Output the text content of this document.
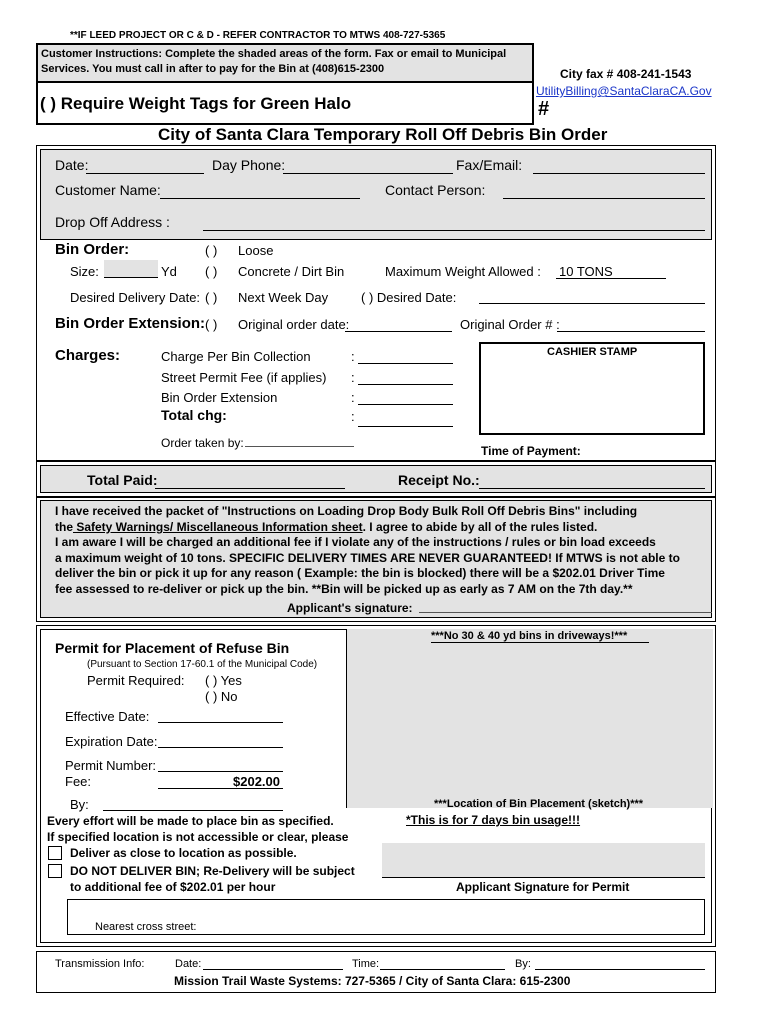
**IF LEED PROJECT OR C & D - REFER CONTRACTOR TO MTWS 408-727-5365
Customer Instructions: Complete the shaded areas of the form. Fax or email to Municipal Services. You must call in after to pay for the Bin at (408)615-2300	City fax # 408-241-1543
UtilityBilling@SantaClaraCA.Gov
( ) Require Weight Tags for Green Halo	#
City of Santa Clara Temporary Roll Off Debris Bin Order
Date:	Day Phone:	Fax/Email:
Customer Name:	Contact Person:
Drop Off Address :
Bin Order:	( ) Loose
Size:	Yd ( ) Concrete / Dirt Bin	Maximum Weight Allowed : 10 TONS
Desired Delivery Date: ( ) Next Week Day	( ) Desired Date:
Bin Order Extension: ( ) Original order date:	Original Order # :
Charges:	Charge Per Bin Collection	:
Street Permit Fee (if applies) :
Bin Order Extension	:
Total chg:	:
Order taken by:
CASHIER STAMP
Time of Payment:
Total Paid:	Receipt No.:
I have received the packet of "Instructions on Loading Drop Body Bulk Roll Off Debris Bins" including
the Safety Warnings/ Miscellaneous Information sheet. I agree to abide by all of the rules listed.
I am aware I will be charged an additional fee if I violate any of the instructions / rules or bin load exceeds
a maximum weight of 10 tons. SPECIFIC DELIVERY TIMES ARE NEVER GUARANTEED! If MTWS is not able to
deliver the bin or pick it up for any reason ( Example: the bin is blocked) there will be a $202.01 Driver Time
fee assessed to re-deliver or pick up the bin. **Bin will be picked up as early as 7 AM on the 7th day.**
Applicant's signature:
Permit for Placement of Refuse Bin
(Pursuant to Section 17-60.1 of the Municipal Code)
Permit Required: ( ) Yes
( ) No
Effective Date:
Expiration Date:
Permit Number:
Fee:	$202.00
By:
***No 30 & 40 yd bins in driveways!***
***Location of Bin Placement (sketch)***
*This is for 7 days bin usage!!!
Every effort will be made to place bin as specified.
If specified location is not accessible or clear, please
Deliver as close to location as possible.
DO NOT DELIVER BIN; Re-Delivery will be subject
to additional fee of $202.01 per hour	Applicant Signature for Permit
Nearest cross street:
Transmission Info:	Date:	Time:	By:
Mission Trail Waste Systems: 727-5365 / City of Santa Clara: 615-2300
